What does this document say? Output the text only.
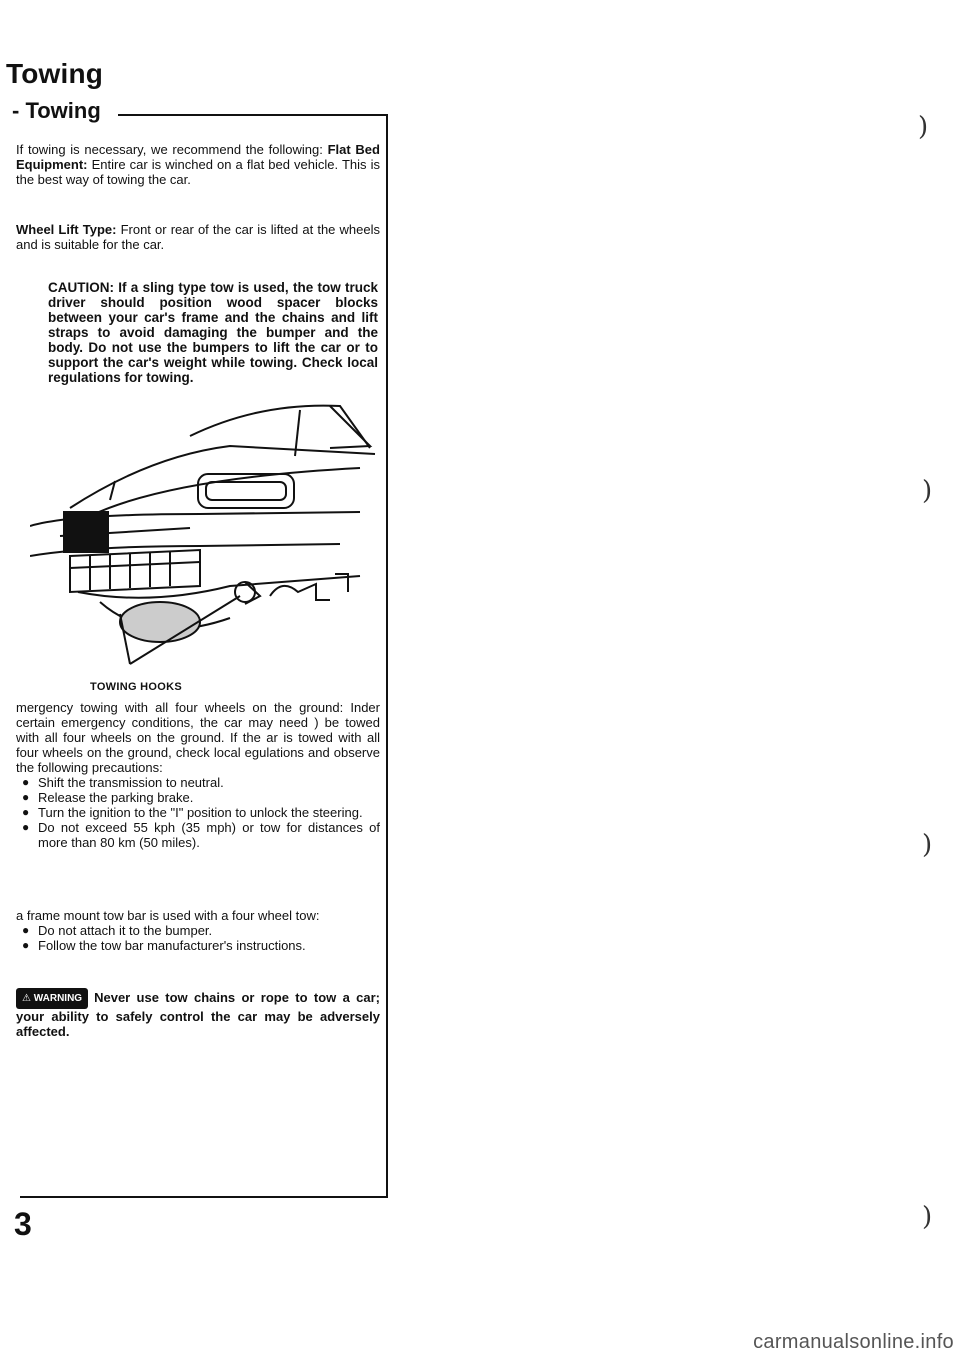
Towing
- Towing

If towing is necessary, we recommend the following: Flat Bed Equipment: Entire car is winched on a flat bed vehicle. This is the best way of towing the car.

Wheel Lift Type: Front or rear of the car is lifted at the wheels and is suitable for the car.

CAUTION: If a sling type tow is used, the tow truck driver should position wood spacer blocks between your car's frame and the chains and lift straps to avoid damaging the bumper and the body. Do not use the bumpers to lift the car or to support the car's weight while towing. Check local regulations for towing.

TOWING HOOKS

mergency towing with all four wheels on the ground: Inder certain emergency conditions, the car may need ) be towed with all four wheels on the ground. If the ar is towed with all four wheels on the ground, check local egulations and observe the following precautions:

● Shift the transmission to neutral.
● Release the parking brake.
● Turn the ignition to the "I" position to unlock the steering.
● Do not exceed 55 kph (35 mph) or tow for distances of more than 80 km (50 miles).

a frame mount tow bar is used with a four wheel tow:

● Do not attach it to the bumper.
● Follow the tow bar manufacturer's instructions.

⚠ WARNING Never use tow chains or rope to tow a car; your ability to safely control the car may be adversely affected.

3
)
)
)
)
carmanualsonline.info
